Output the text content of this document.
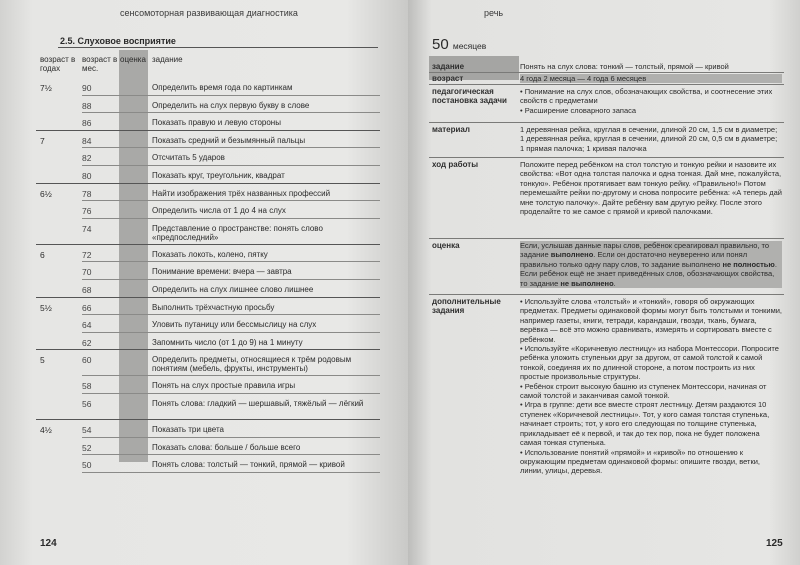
сенсомоторная развивающая диагностика
2.5. Слуховое восприятие
возраст в годах
возраст в мес.
оценка задание
7½	90	Определить время года по картинкам
88	Определить на слух первую букву в слове
86	Показать правую и левую стороны
7	84	Показать средний и безымянный пальцы
82	Отсчитать 5 ударов
80	Показать круг, треугольник, квадрат
6½	78	Найти изображения трёх названных профессий
76	Определить числа от 1 до 4 на слух
74	Представление о пространстве: понять слово «предпоследний»
6	72	Показать локоть, колено, пятку
70	Понимание времени: вчера — завтра
68	Определить на слух лишнее слово лишнее
5½	66	Выполнить трёхчастную просьбу
64	Уловить путаницу или бессмыслицу на слух
62	Запомнить число (от 1 до 9) на 1 минуту
5	60	Определить предметы, относящиеся к трём родовым понятиям (мебель, фрукты, инструменты)
58	Понять на слух простые правила игры
56	Понять слова: гладкий — шершавый, тяжёлый — лёгкий
4½	54	Показать три цвета
52	Показать слова: больше / больше всего
50	Понять слова: толстый — тонкий, прямой — кривой
124
речь
50 месяцев
задание	Понять на слух слова: тонкий — толстый, прямой — кривой
возраст	4 года 2 месяца — 4 года 6 месяцев
педагогическая постановка задачи
• Понимание на слух слов, обозначающих свойства, и соотнесение этих свойств с предметами
• Расширение словарного запаса
материал	1 деревянная рейка, круглая в сечении, длиной 20 см, 1,5 см в диаметре; 1 деревянная рейка, круглая в сечении, длиной 20 см, 0,5 см в диаметре; 1 прямая палочка; 1 кривая палочка
ход работы	Положите перед ребёнком на стол толстую и тонкую рейки и назовите их свойства: «Вот одна толстая палочка и одна тонкая. Дай мне, пожалуйста, тонкую». Ребёнок протягивает вам тонкую рейку. «Правильно!» Потом перемешайте рейки по-другому и снова попросите ребёнка: «А теперь дай мне толстую палочку». Дайте ребёнку вам другую рейку. После этого проделайте то же самое с прямой и кривой палочками.
оценка	Если, услышав данные пары слов, ребёнок среагировал правильно, то задание выполнено. Если он достаточно неуверенно или понял правильно только одну пару слов, то задание выполнено не полностью. Если ребёнок ещё не знает приведённых слов, обозначающих свойства, то задание не выполнено.
дополнительные задания
• Используйте слова «толстый» и «тонкий», говоря об окружающих предметах. Предметы одинаковой формы могут быть толстыми и тонкими, например газеты, книги, тетради, карандаши, гвозди, ткань, бумага, верёвка — всё это можно сравнивать, измерять и сортировать вместе с ребёнком.
• Используйте «Коричневую лестницу» из набора Монтессори. Попросите ребёнка уложить ступеньки друг за другом, от самой толстой к самой тонкой, соединяя их по длинной стороне, а потом построить из них простые произвольные структуры.
• Ребёнок строит высокую башню из ступенек Монтессори, начиная от самой толстой и заканчивая самой тонкой.
• Игра в группе: дети все вместе строят лестницу. Детям раздаются 10 ступенек «Коричневой лестницы». Тот, у кого самая толстая ступенька, начинает строить; тот, у кого его следующая по толщине ступенька, прикладывает её к первой, и так до тех пор, пока не будет положена самая тонкая ступенька.
• Использование понятий «прямой» и «кривой» по отношению к окружающим предметам одинаковой формы: опишите гвозди, ветки, линии, улицы, деревья.
125
